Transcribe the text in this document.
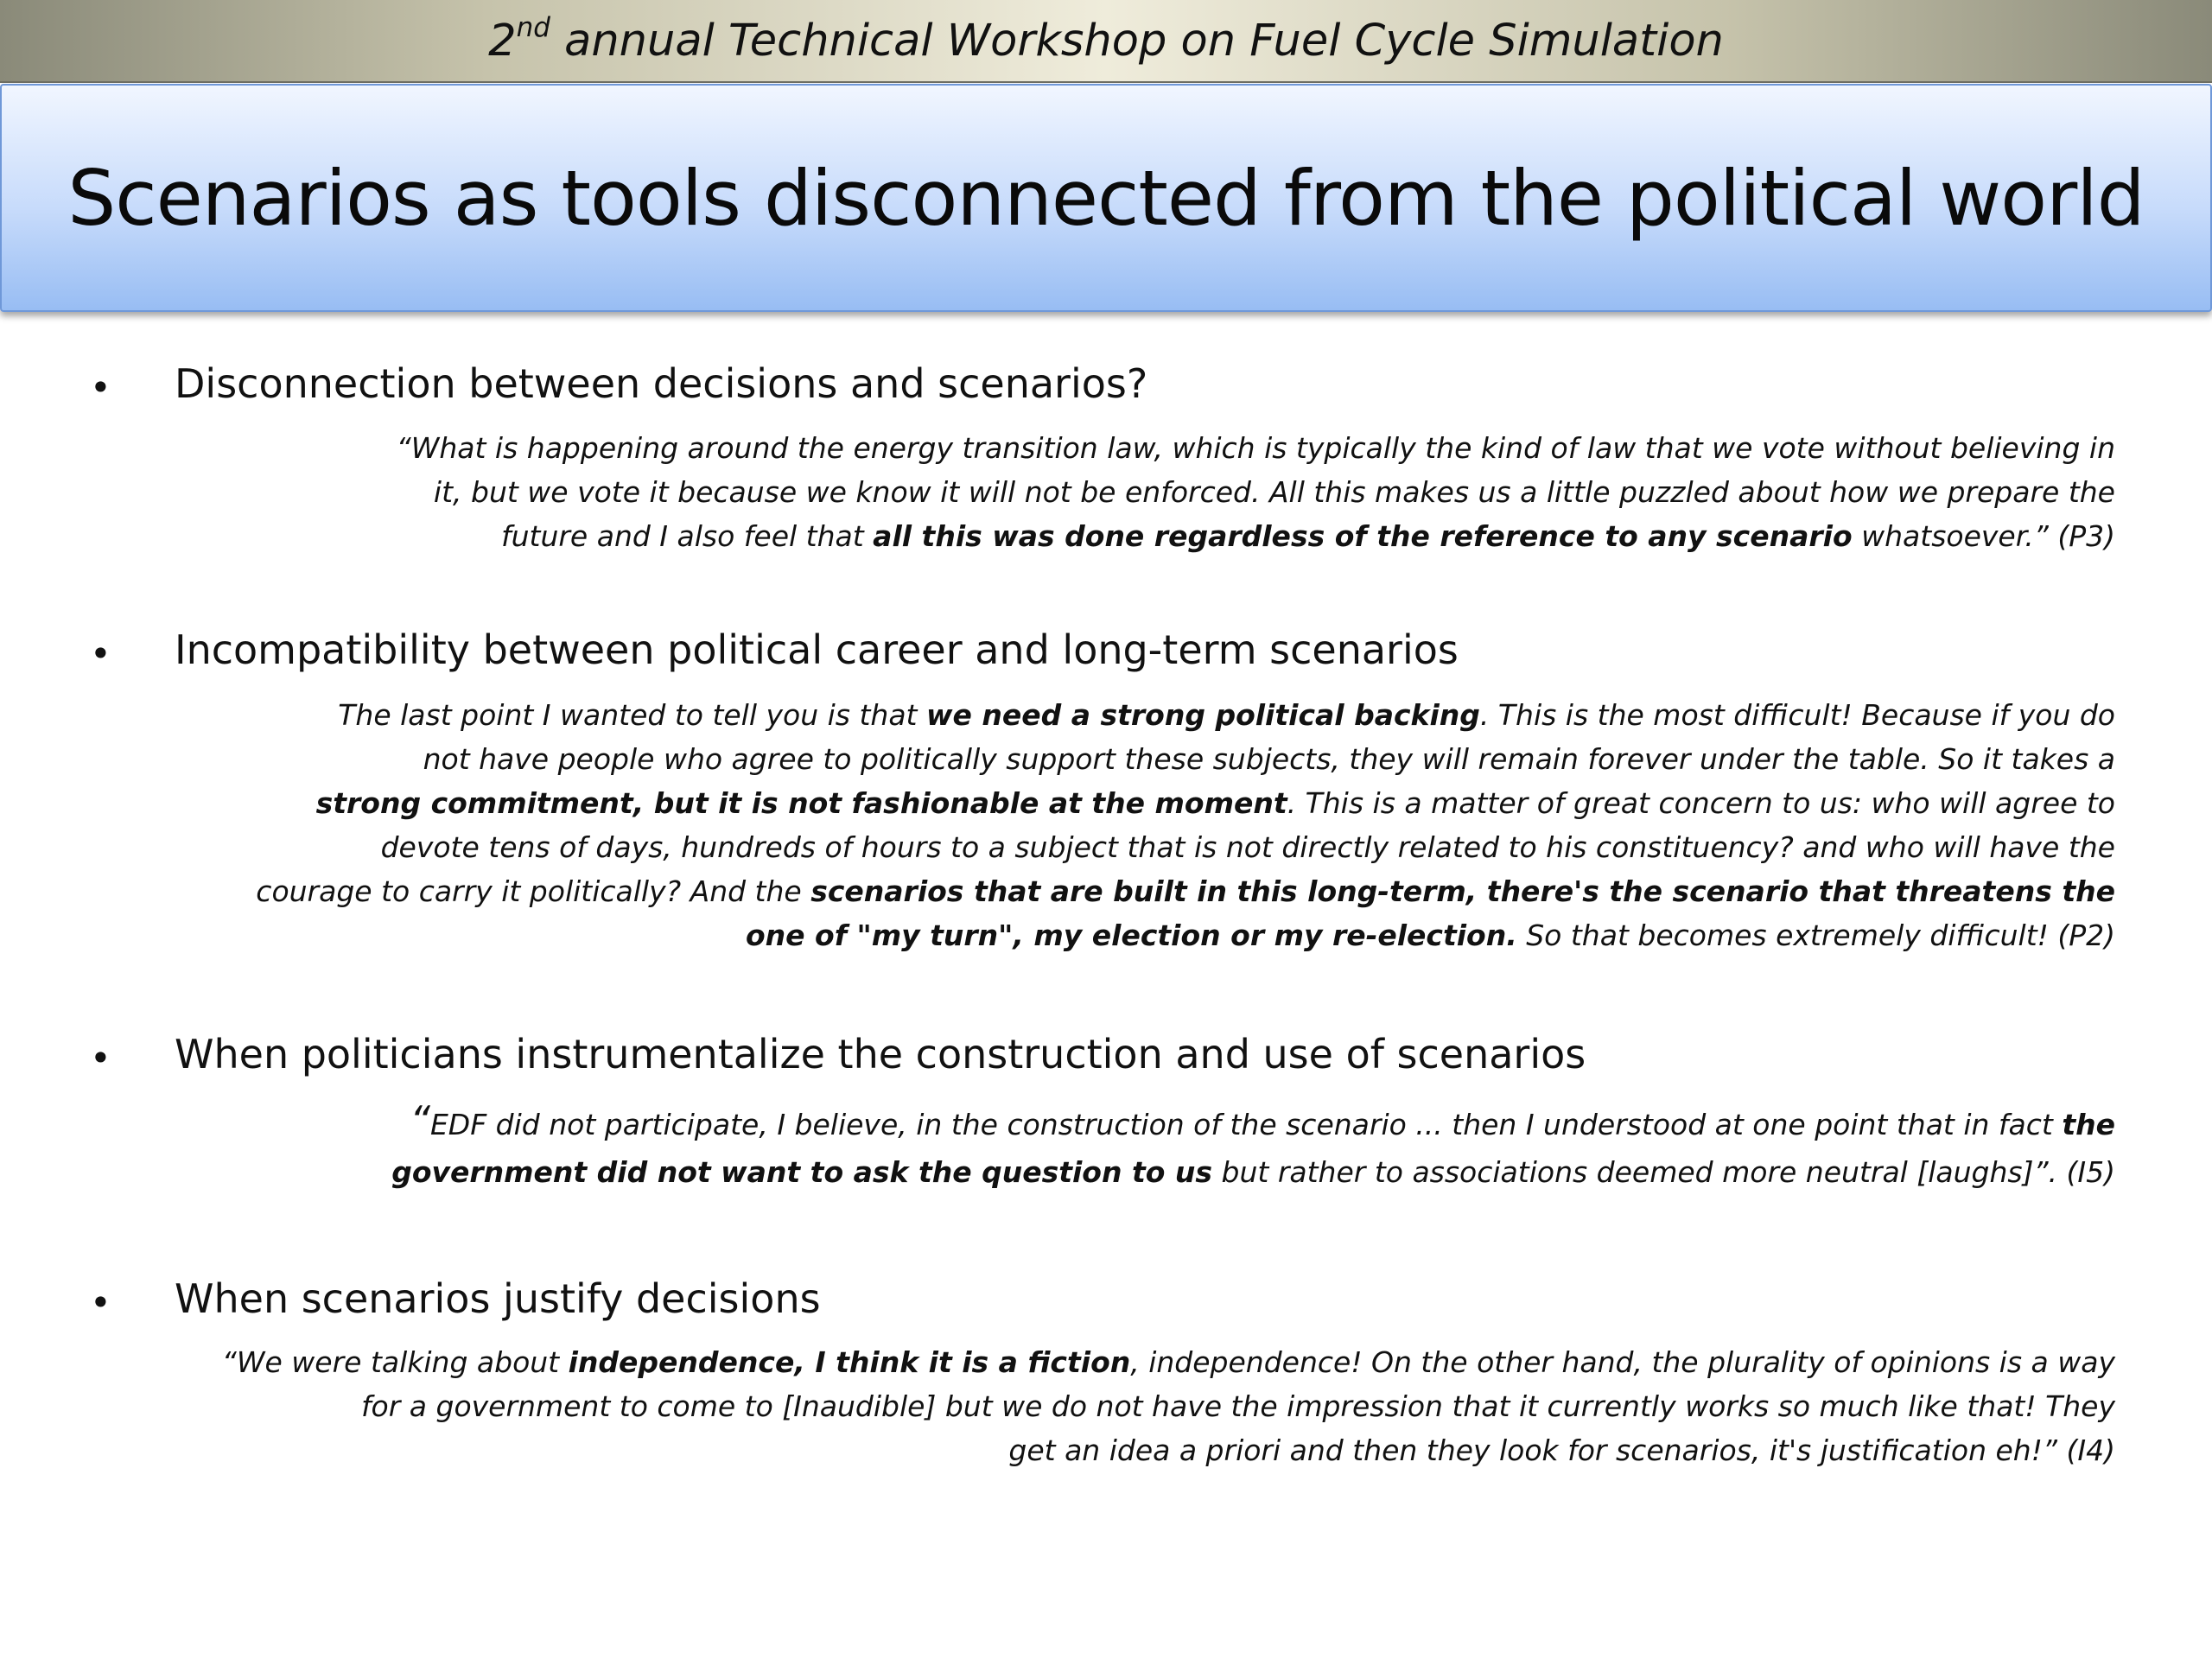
2nd annual Technical Workshop on Fuel Cycle Simulation
Scenarios as tools disconnected from the political world
• Disconnection between decisions and scenarios?
“What is happening around the energy transition law, which is typically the kind of law that we vote without believing in
it, but we vote it because we know it will not be enforced. All this makes us a little puzzled about how we prepare the
future and I also feel that all this was done regardless of the reference to any scenario whatsoever.” (P3)
• Incompatibility between political career and long-term scenarios
The last point I wanted to tell you is that we need a strong political backing. This is the most difficult! Because if you do
not have people who agree to politically support these subjects, they will remain forever under the table. So it takes a
strong commitment, but it is not fashionable at the moment. This is a matter of great concern to us: who will agree to
devote tens of days, hundreds of hours to a subject that is not directly related to his constituency? and who will have the
courage to carry it politically? And the scenarios that are built in this long-term, there's the scenario that threatens the
one of "my turn", my election or my re-election. So that becomes extremely difficult! (P2)
• When politicians instrumentalize the construction and use of scenarios
“EDF did not participate, I believe, in the construction of the scenario ... then I understood at one point that in fact the
government did not want to ask the question to us but rather to associations deemed more neutral [laughs]”. (I5)
• When scenarios justify decisions
“We were talking about independence, I think it is a fiction, independence! On the other hand, the plurality of opinions is a way
for a government to come to [Inaudible] but we do not have the impression that it currently works so much like that! They
get an idea a priori and then they look for scenarios, it's justification eh!” (I4)
